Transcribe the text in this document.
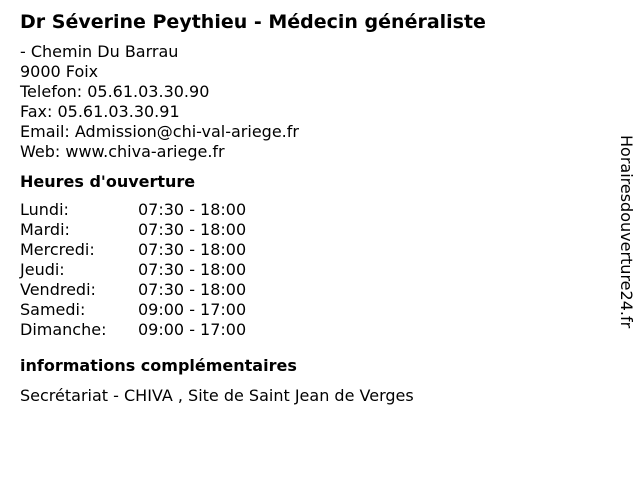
Dr Séverine Peythieu - Médecin généraliste
- Chemin Du Barrau
9000 Foix
Telefon: 05.61.03.30.90
Fax: 05.61.03.30.91
Email: Admission@chi-val-ariege.fr
Web: www.chiva-ariege.fr
Heures d'ouverture
Lundi:	07:30 - 18:00
Mardi:	07:30 - 18:00
Mercredi:	07:30 - 18:00
Jeudi:	07:30 - 18:00
Vendredi:	07:30 - 18:00
Samedi:	09:00 - 17:00
Dimanche:	09:00 - 17:00
informations complémentaires
Secrétariat - CHIVA , Site de Saint Jean de Verges
Horairesdouverture24.fr
